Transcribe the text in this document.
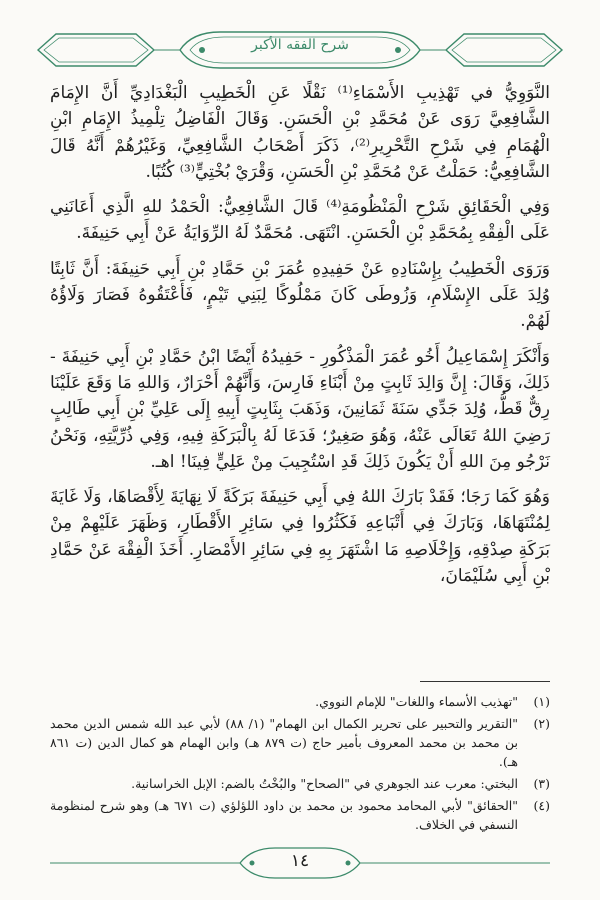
شرح الفقه الأكبر

النَّوَوِيُّ في تَهْذِيبِ الأَسْمَاءِ⁽¹⁾ نَقْلًا عَنِ الْخَطِيبِ الْبَغْدَادِيِّ أَنَّ الإِمَامَ الشَّافِعِيَّ رَوَى عَنْ مُحَمَّدِ بْنِ الْحَسَنِ. وَقَالَ الْفَاضِلُ تِلْمِيذُ الإِمَامِ ابْنِ الْهُمَامِ فِي شَرْحِ التَّحْرِيرِ⁽²⁾، ذَكَرَ أَصْحَابُ الشَّافِعِيِّ، وَغَيْرُهُمْ أَنَّهُ قَالَ الشَّافِعِيُّ: حَمَلْتُ عَنْ مُحَمَّدِ بْنِ الْحَسَنِ، وَقْرَيْ بُخْتِيٍّ⁽³⁾ كُتُبًا.

وَفِي الْحَقَائِقِ شَرْحِ الْمَنْظُومَةِ⁽⁴⁾ قَالَ الشَّافِعِيُّ: الْحَمْدُ للهِ الَّذِي أَعَانَنِي عَلَى الْفِقْهِ بِمُحَمَّدِ بْنِ الْحَسَنِ. انْتَهَى. مُحَمَّدٌ لَهُ الرِّوَايَةُ عَنْ أَبِي حَنِيفَةَ.

وَرَوَى الْخَطِيبُ بِإِسْنَادِهِ عَنْ حَفِيدِهِ عُمَرَ بْنِ حَمَّادِ بْنِ أَبِي حَنِيفَةَ: أَنَّ ثَابِتًا وُلِدَ عَلَى الإِسْلَامِ، وَزُوطَى كَانَ مَمْلُوكًا لِبَنِي تَيْمٍ، فَأَعْتَقُوهُ فَصَارَ وَلَاؤُهُ لَهُمْ.

وَأَنْكَرَ إِسْمَاعِيلُ أَخُو عُمَرَ الْمَذْكُورِ - حَفِيدُهُ أَيْضًا ابْنُ حَمَّادِ بْنِ أَبِي حَنِيفَةَ - ذَلِكَ، وَقَالَ: إِنَّ وَالِدَ ثَابِتٍ مِنْ أَبْنَاءِ فَارِسَ، وَأَنَّهُمْ أَحْرَارٌ، وَاللهِ مَا وَقَعَ عَلَيْنَا رِقٌّ قَطُّ، وُلِدَ جَدِّي سَنَةَ ثَمَانِينَ، وَذَهَبَ بِثَابِتٍ أَبِيهِ إِلَى عَلِيِّ بْنِ أَبِي طَالِبٍ رَضِيَ اللهُ تَعَالَى عَنْهُ، وَهُوَ صَغِيرٌ؛ فَدَعَا لَهُ بِالْبَرَكَةِ فِيهِ، وَفِي ذُرِّيَّتِهِ، وَنَحْنُ نَرْجُو مِنَ اللهِ أَنْ يَكُونَ ذَلِكَ قَدِ اسْتُجِيبَ مِنْ عَلِيٍّ فِينَا! اهـ.

وَهُوَ كَمَا رَجَا؛ فَقَدْ بَارَكَ اللهُ فِي أَبِي حَنِيفَةَ بَرَكَةً لَا نِهَايَةَ لِأَقْصَاهَا، وَلَا غَايَةَ لِمُنْتَهَاهَا، وَبَارَكَ فِي أَتْبَاعِهِ فَكَثُرُوا فِي سَائِرِ الأَقْطَارِ، وَظَهَرَ عَلَيْهِمْ مِنْ بَرَكَةِ صِدْقِهِ، وَإِخْلَاصِهِ مَا اشْتَهَرَ بِهِ فِي سَائِرِ الأَمْصَارِ. أَخَذَ الْفِقْهَ عَنْ حَمَّادِ بْنِ أَبِي سُلَيْمَانَ،

(١)
"تهذيب الأسماء واللغات" للإمام النووي.
(٢)
"التقرير والتحبير على تحرير الكمال ابن الهمام" (١/ ٨٨) لأبي عبد الله شمس الدين محمد بن محمد بن محمد المعروف بأمير حاج (ت ٨٧٩ هـ) وابن الهمام هو كمال الدين (ت ٨٦١ هـ).
(٣)
البختي: معرب عند الجوهري في "الصحاح" والبُخْتُ بالضم: الإبل الخراسانية.
(٤)
"الحقائق" لأبي المحامد محمود بن محمد بن داود اللؤلؤي (ت ٦٧١ هـ) وهو شرح لمنظومة النسفي في الخلاف.
١٤
